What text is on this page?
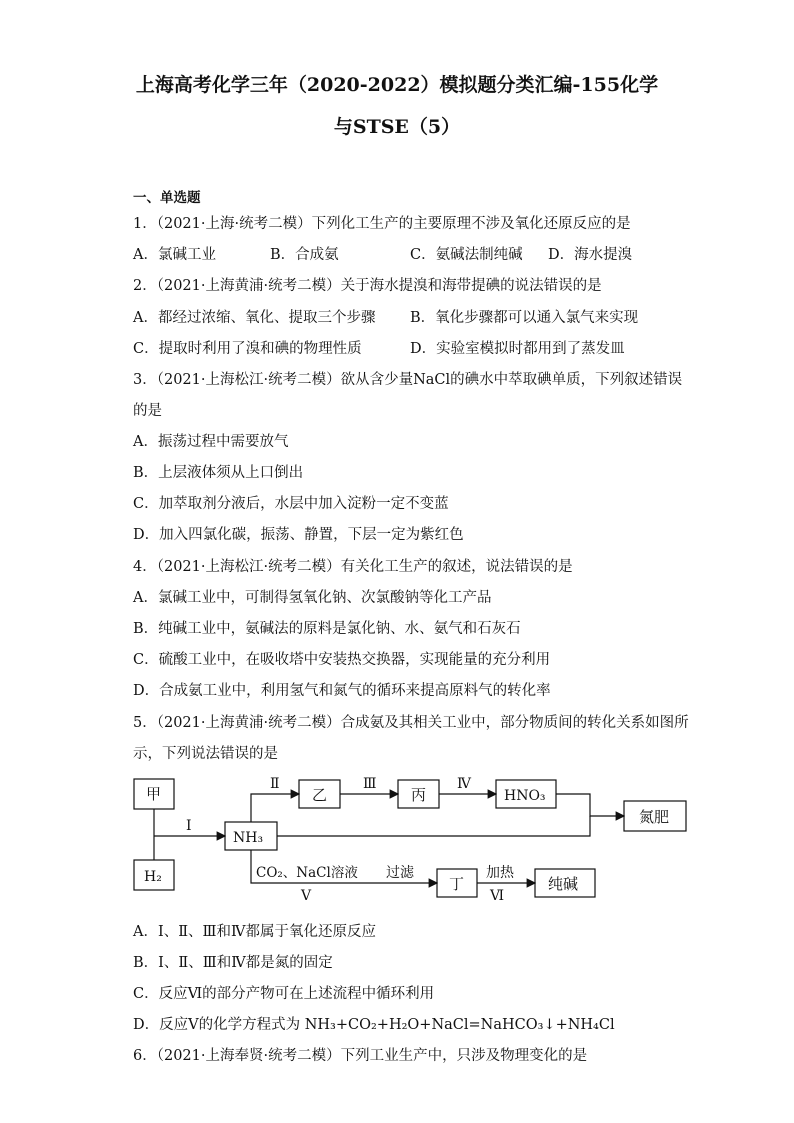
上海高考化学三年（2020-2022）模拟题分类汇编-155化学
与STSE（5）
一、单选题
1．（2021·上海·统考二模）下列化工生产的主要原理不涉及氧化还原反应的是
A．氯碱工业	B．合成氨	C．氨碱法制纯碱 D．海水提溴
2．（2021·上海黄浦·统考二模）关于海水提溴和海带提碘的说法错误的是
A．都经过浓缩、氧化、提取三个步骤 B．氧化步骤都可以通入氯气来实现
C．提取时利用了溴和碘的物理性质	D．实验室模拟时都用到了蒸发皿
3．（2021·上海松江·统考二模）欲从含少量NaCl的碘水中萃取碘单质，下列叙述错误
的是
A．振荡过程中需要放气
B．上层液体须从上口倒出
C．加萃取剂分液后，水层中加入淀粉一定不变蓝
D．加入四氯化碳，振荡、静置，下层一定为紫红色
4．（2021·上海松江·统考二模）有关化工生产的叙述，说法错误的是
A．氯碱工业中，可制得氢氧化钠、次氯酸钠等化工产品
B．纯碱工业中，氨碱法的原料是氯化钠、水、氨气和石灰石
C．硫酸工业中，在吸收塔中安装热交换器，实现能量的充分利用
D．合成氨工业中，利用氢气和氮气的循环来提高原料气的转化率
5．（2021·上海黄浦·统考二模）合成氨及其相关工业中，部分物质间的转化关系如图所
示，下列说法错误的是
甲
H₂
NH₃
乙	丙	HNO₃
氮肥
丁	纯碱
Ⅰ
Ⅱ	Ⅲ	Ⅳ
Ⅴ	Ⅵ
CO₂、NaCl溶液 过滤	加热
A．Ⅰ、Ⅱ、Ⅲ和Ⅳ都属于氧化还原反应
B．Ⅰ、Ⅱ、Ⅲ和Ⅳ都是氮的固定
C．反应Ⅵ的部分产物可在上述流程中循环利用
D．反应Ⅴ的化学方程式为 NH₃+CO₂+H₂O+NaCl=NaHCO₃↓+NH₄Cl
6．（2021·上海奉贤·统考二模）下列工业生产中，只涉及物理变化的是
